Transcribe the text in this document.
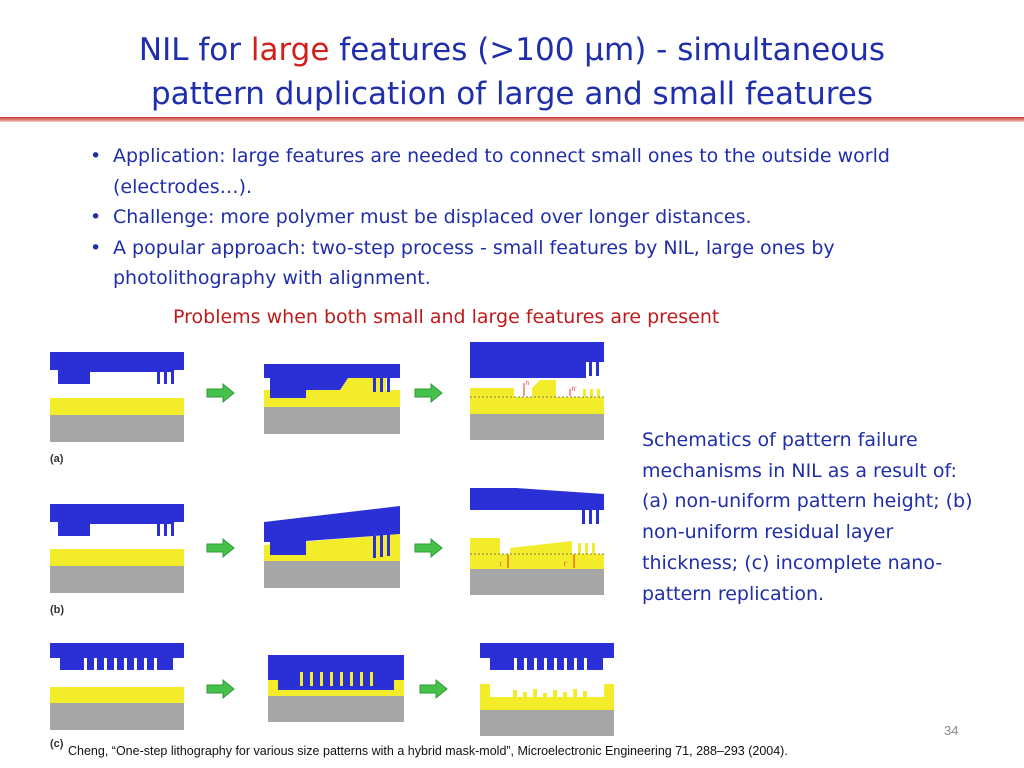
NIL for large features (>100 μm) - simultaneous
pattern duplication of large and small features
• Application: large features are needed to connect small ones to the outside world (electrodes…).
• Challenge: more polymer must be displaced over longer distances.
• A popular approach: two-step process - small features by NIL, large ones by photolithography with alignment.
Problems when both small and large features are present
h
h'
(a)
t	t'
(b)
(c)
Schematics of pattern failure mechanisms in NIL as a result of: (a) non-uniform pattern height; (b) non-uniform residual layer thickness; (c) incomplete nano-pattern replication.
34
Cheng, “One-step lithography for various size patterns with a hybrid mask-mold”, Microelectronic Engineering 71, 288–293 (2004).
